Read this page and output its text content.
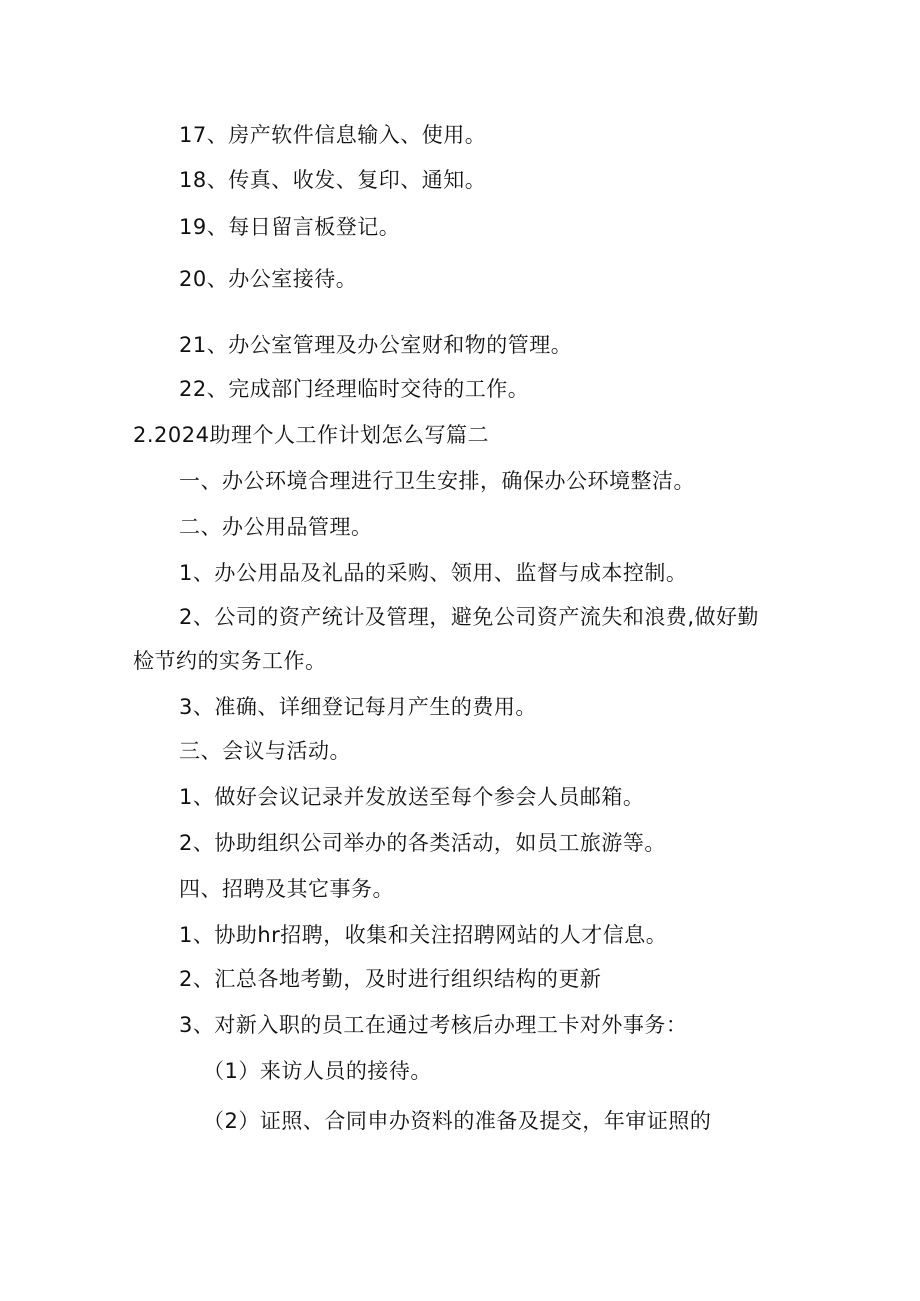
17、房产软件信息输入、使用。
18、传真、收发、复印、通知。
19、每日留言板登记。
20、办公室接待。
21、办公室管理及办公室财和物的管理。
22、完成部门经理临时交待的工作。
2.2024助理个人工作计划怎么写篇二
一、办公环境合理进行卫生安排，确保办公环境整洁。
二、办公用品管理。
1、办公用品及礼品的采购、领用、监督与成本控制。
2、公司的资产统计及管理，避免公司资产流失和浪费,做好勤
检节约的实务工作。
3、准确、详细登记每月产生的费用。
三、会议与活动。
1、做好会议记录并发放送至每个参会人员邮箱。
2、协助组织公司举办的各类活动，如员工旅游等。
四、招聘及其它事务。
1、协助hr招聘，收集和关注招聘网站的人才信息。
2、汇总各地考勤，及时进行组织结构的更新
3、对新入职的员工在通过考核后办理工卡对外事务：
（1）来访人员的接待。
（2）证照、合同申办资料的准备及提交，年审证照的
